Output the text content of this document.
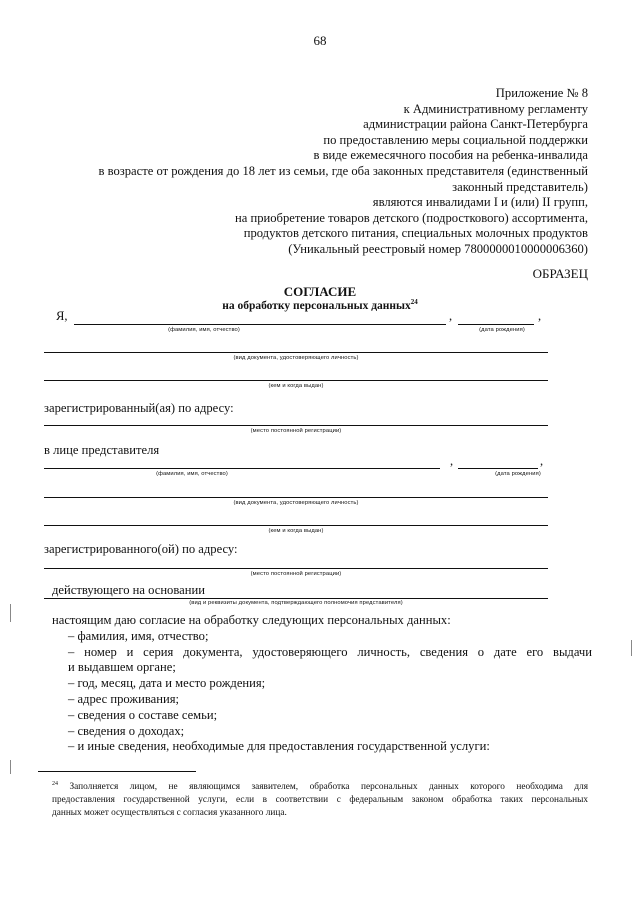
68
Приложение № 8
к Административному регламенту
администрации района Санкт-Петербурга
по предоставлению меры социальной поддержки
в виде ежемесячного пособия на ребенка-инвалида
в возрасте от рождения до 18 лет из семьи, где оба законных представителя (единственный
законный представитель)
являются инвалидами I и (или) II групп,
на приобретение товаров детского (подросткового) ассортимента,
продуктов детского питания, специальных молочных продуктов
(Уникальный реестровый номер 7800000010000006360)
ОБРАЗЕЦ
СОГЛАСИЕ
на обработку персональных данных$^{24}$
Я,	,	,
(фамилия, имя, отчество)	(дата рождения)
(вид документа, удостоверяющего личность)
(кем и когда выдан)
зарегистрированный(ая) по адресу:
(место постоянной регистрации)
в лице представителя
,	,
(фамилия, имя, отчество)	(дата рождения)
(вид документа, удостоверяющего личность)
(кем и когда выдан)
зарегистрированного(ой) по адресу:
(место постоянной регистрации)
действующего на основании
(вид и реквизиты документа, подтверждающего полномочия представителя)
настоящим даю согласие на обработку следующих персональных данных:
– фамилия, имя, отчество;
– номер и серия документа, удостоверяющего личность, сведения о дате его выдачи
и выдавшем органе;
– год, месяц, дата и место рождения;
– адрес проживания;
– сведения о составе семьи;
– сведения о доходах;
– и иные сведения, необходимые для предоставления государственной услуги:
$^{24}$ Заполняется лицом, не являющимся заявителем, обработка персональных данных которого необходима для
предоставления государственной услуги, если в соответствии с федеральным законом обработка таких персональных
данных может осуществляться с согласия указанного лица.
